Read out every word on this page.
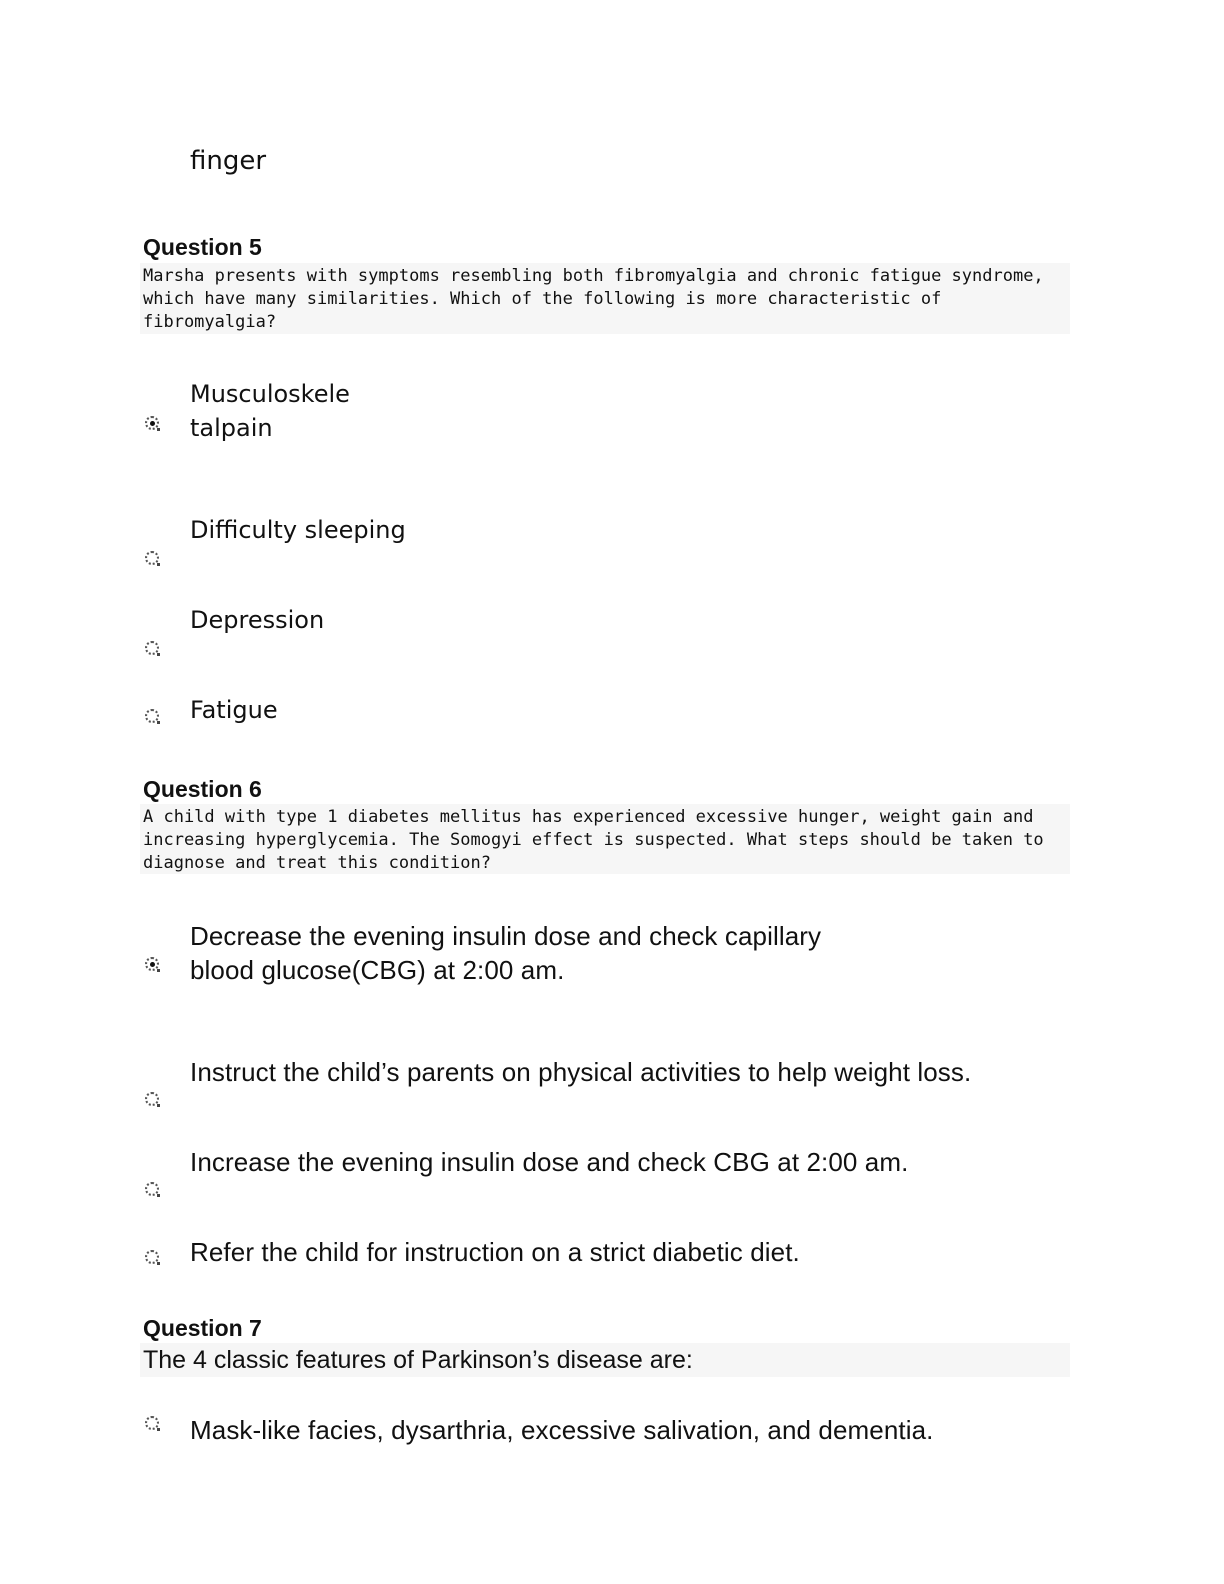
finger
Question 5
Marsha presents with symptoms resembling both fibromyalgia and chronic fatigue syndrome, which have many similarities. Which of the following is more characteristic of fibromyalgia?
Musculoskele
talpain
Difficulty sleeping
Depression
Fatigue
Question 6
A child with type 1 diabetes mellitus has experienced excessive hunger, weight gain and increasing hyperglycemia. The Somogyi effect is suspected. What steps should be taken to diagnose and treat this condition?
Decrease the evening insulin dose and check capillary
blood glucose(CBG) at 2:00 am.
Instruct the child’s parents on physical activities to help weight loss.
Increase the evening insulin dose and check CBG at 2:00 am.
Refer the child for instruction on a strict diabetic diet.
Question 7
The 4 classic features of Parkinson’s disease are:
Mask-like facies, dysarthria, excessive salivation, and dementia.
